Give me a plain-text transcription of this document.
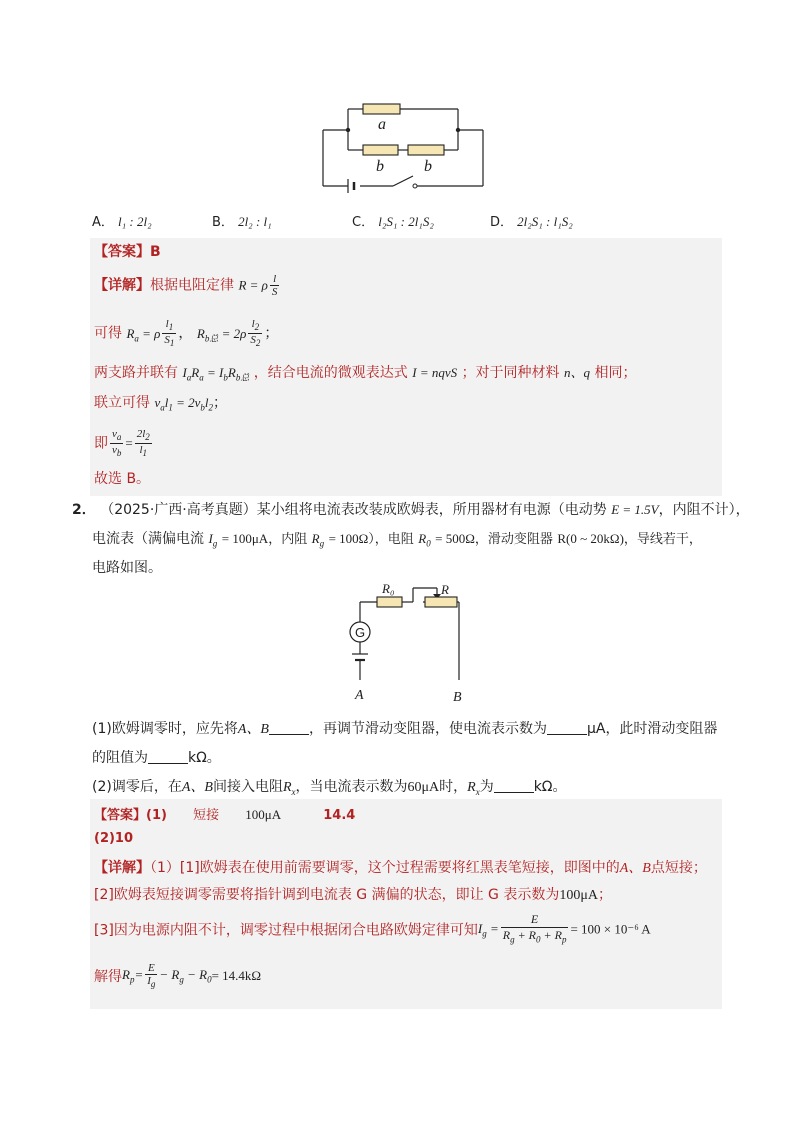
a
b	b
A． l₁ : 2l₂	B． 2l₂ : l₁	C． l₂S₁ : 2l₁S₂	D． 2l₂S₁ : l₁S₂
【答案】B
【详解】根据电阻定律 R = ρ $\frac{l}{S}$
可得 $R_a = \rho \frac{l_1}{S_1}$ ， $R_{b总} = 2\rho \frac{l_2}{S_2}$ ；
两支路并联有 $I_aR_a = I_bR_{b总}$ ，结合电流的微观表达式 I = nqvS ；对于同种材料 n、q 相同；
联立可得 $v_al_1 = 2v_bl_2$；
即 $\frac{v_a}{v_b} = \frac{2l_2}{l_1}$
故选 B。
2． （2025·广西·高考真题）某小组将电流表改装成欧姆表，所用器材有电源（电动势 E = 1.5V，内阻不计），
电流表（满偏电流 $I_g = 100\mu A$，内阻 $R_g = 100\Omega$），电阻 $R_0 = 500\Omega$，滑动变阻器 R(0 ~ 20kΩ)，导线若干，
电路如图。
G
R₀	R
A	B
(1)欧姆调零时，应先将A、B	，再调节滑动变阻器，使电流表示数为	μA，此时滑动变阻器
的阻值为	kΩ。
(2)调零后，在A、B间接入电阻$R_x$，当电流表示数为60μA时，$R_x$为	kΩ。
【答案】(1) 短接 100μA	14.4
(2)10
【详解】（1）[1]欧姆表在使用前需要调零，这个过程需要将红黑表笔短接，即图中的A、B点短接；
[2]欧姆表短接调零需要将指针调到电流表 G 满偏的状态，即让 G 表示数为100μA；
[3]因为电源内阻不计，调零过程中根据闭合电路欧姆定律可知$I_g = \frac{E}{R_g + R_0 + R_p} = 100 \times 10^{-6}$ A
解得$R_p= \frac{E}{I_g} - R_g - R_0= 14.4k\Omega$
